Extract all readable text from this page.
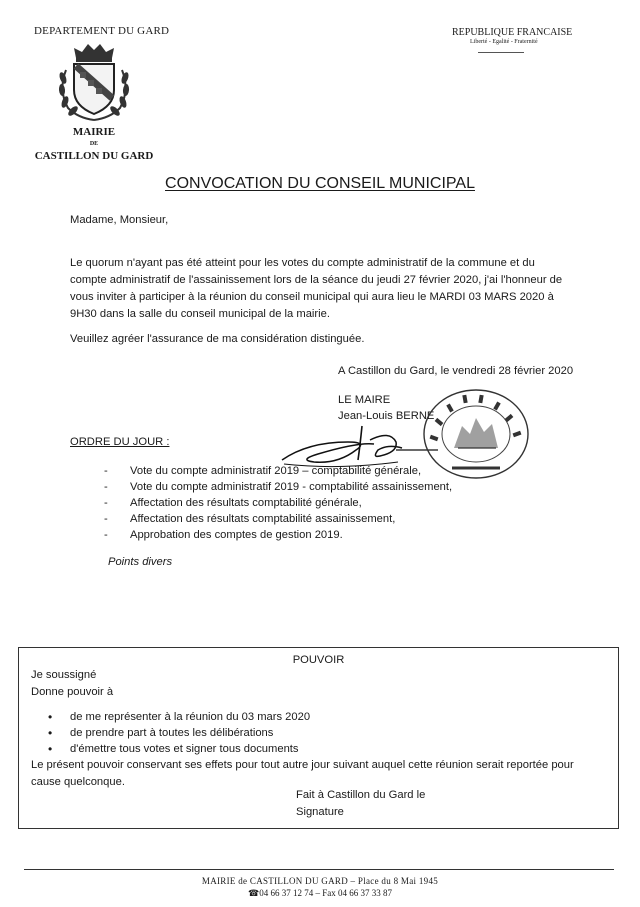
DEPARTEMENT DU GARD
MAIRIE
DE
CASTILLON DU GARD
REPUBLIQUE FRANCAISE
Liberté - Egalité - Fraternité
CONVOCATION DU CONSEIL MUNICIPAL
Madame, Monsieur,
Le quorum n'ayant pas été atteint pour les votes du compte administratif de la commune et du compte administratif de l'assainissement lors de la séance du jeudi 27 février 2020, j'ai l'honneur de vous inviter à participer à la réunion du conseil municipal qui aura lieu le MARDI 03 MARS 2020 à 9H30 dans la salle du conseil municipal de la mairie.
Veuillez agréer l'assurance de ma considération distinguée.
A Castillon du Gard, le vendredi 28 février 2020
LE MAIRE
Jean-Louis BERNE
ORDRE DU JOUR :
- Vote du compte administratif 2019 – comptabilité générale,
- Vote du compte administratif 2019 - comptabilité assainissement,
- Affectation des résultats comptabilité générale,
- Affectation des résultats comptabilité assainissement,
- Approbation des comptes de gestion 2019.
Points divers
POUVOIR
Je soussigné
Donne pouvoir à
• de me représenter à la réunion du 03 mars 2020
• de prendre part à toutes les délibérations
• d'émettre tous votes et signer tous documents
Le présent pouvoir conservant ses effets pour tout autre jour suivant auquel cette réunion serait reportée pour cause quelconque.
Fait à Castillon du Gard le
Signature
MAIRIE de CASTILLON DU GARD – Place du 8 Mai 1945
☎04 66 37 12 74 – Fax 04 66 37 33 87
